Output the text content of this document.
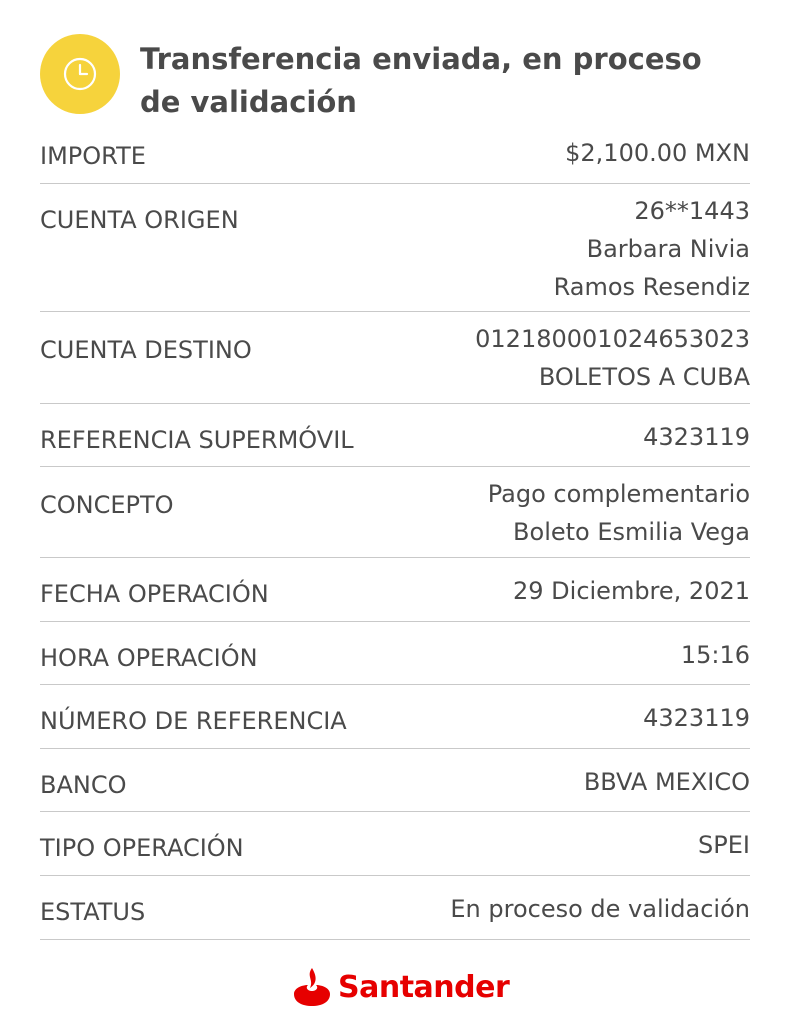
Transferencia enviada, en proceso de validación
IMPORTE	$2,100.00 MXN
CUENTA ORIGEN	26**1443
Barbara Nivia
Ramos Resendiz
CUENTA DESTINO	012180001024653023
BOLETOS A CUBA
REFERENCIA SUPERMÓVIL	4323119
CONCEPTO	Pago complementario
Boleto Esmilia Vega
FECHA OPERACIÓN	29 Diciembre, 2021
HORA OPERACIÓN	15:16
NÚMERO DE REFERENCIA	4323119
BANCO	BBVA MEXICO
TIPO OPERACIÓN	SPEI
ESTATUS	En proceso de validación
Santander
